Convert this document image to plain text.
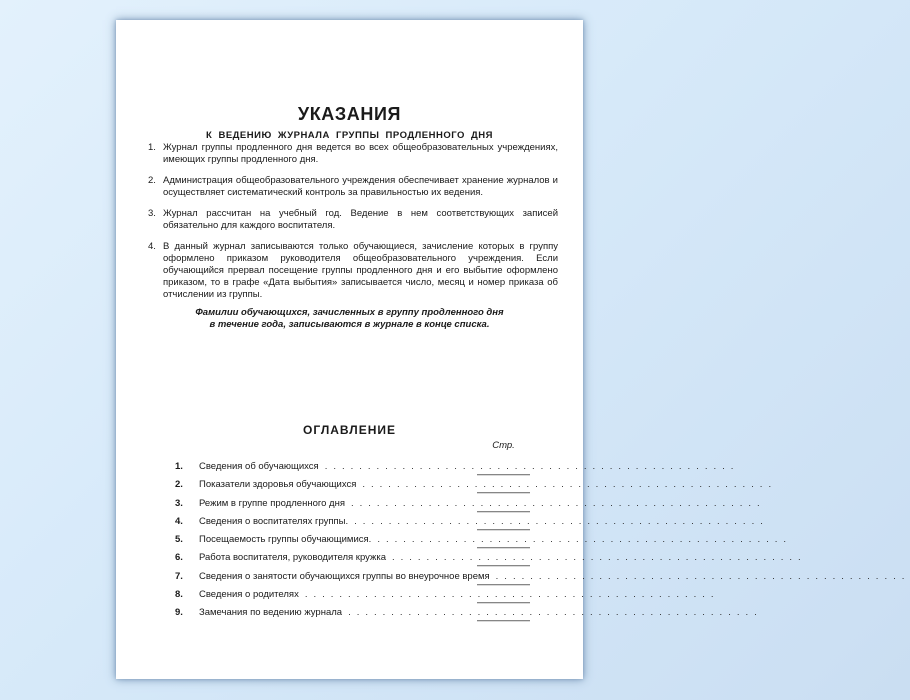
УКАЗАНИЯ
К ВЕДЕНИЮ ЖУРНАЛА ГРУППЫ ПРОДЛЕННОГО ДНЯ
1. Журнал группы продленного дня ведется во всех общеобразовательных учреждениях, имеющих группы продленного дня.
2. Администрация общеобразовательного учреждения обеспечивает хранение журналов и осуществляет систематический контроль за правильностью их ведения.
3. Журнал рассчитан на учебный год. Ведение в нем соответствующих записей обязательно для каждого воспитателя.
4. В данный журнал записываются только обучающиеся, зачисление которых в группу оформлено приказом руководителя общеобразовательного учреждения. Если обучающийся прервал посещение группы продленного дня и его выбытие оформлено приказом, то в графе «Дата выбытия» записывается число, месяц и номер приказа об отчислении из группы.
Фамилии обучающихся, зачисленных в группу продленного дня
в течение года, записываются в журнале в конце списка.
ОГЛАВЛЕНИЕ
Стр.
1.	Сведения об обучающихся ................................................
2.	Показатели здоровья обучающихся ................................................
3.	Режим в группе продленного дня ................................................
4.	Сведения о воспитателях группы. ................................................
5.	Посещаемость группы обучающимися. ................................................
6.	Работа воспитателя, руководителя кружка ................................................
7.	Сведения о занятости обучающихся группы во внеурочное время ................................................
8.	Сведения о родителях ................................................
9.	Замечания по ведению журнала ................................................
